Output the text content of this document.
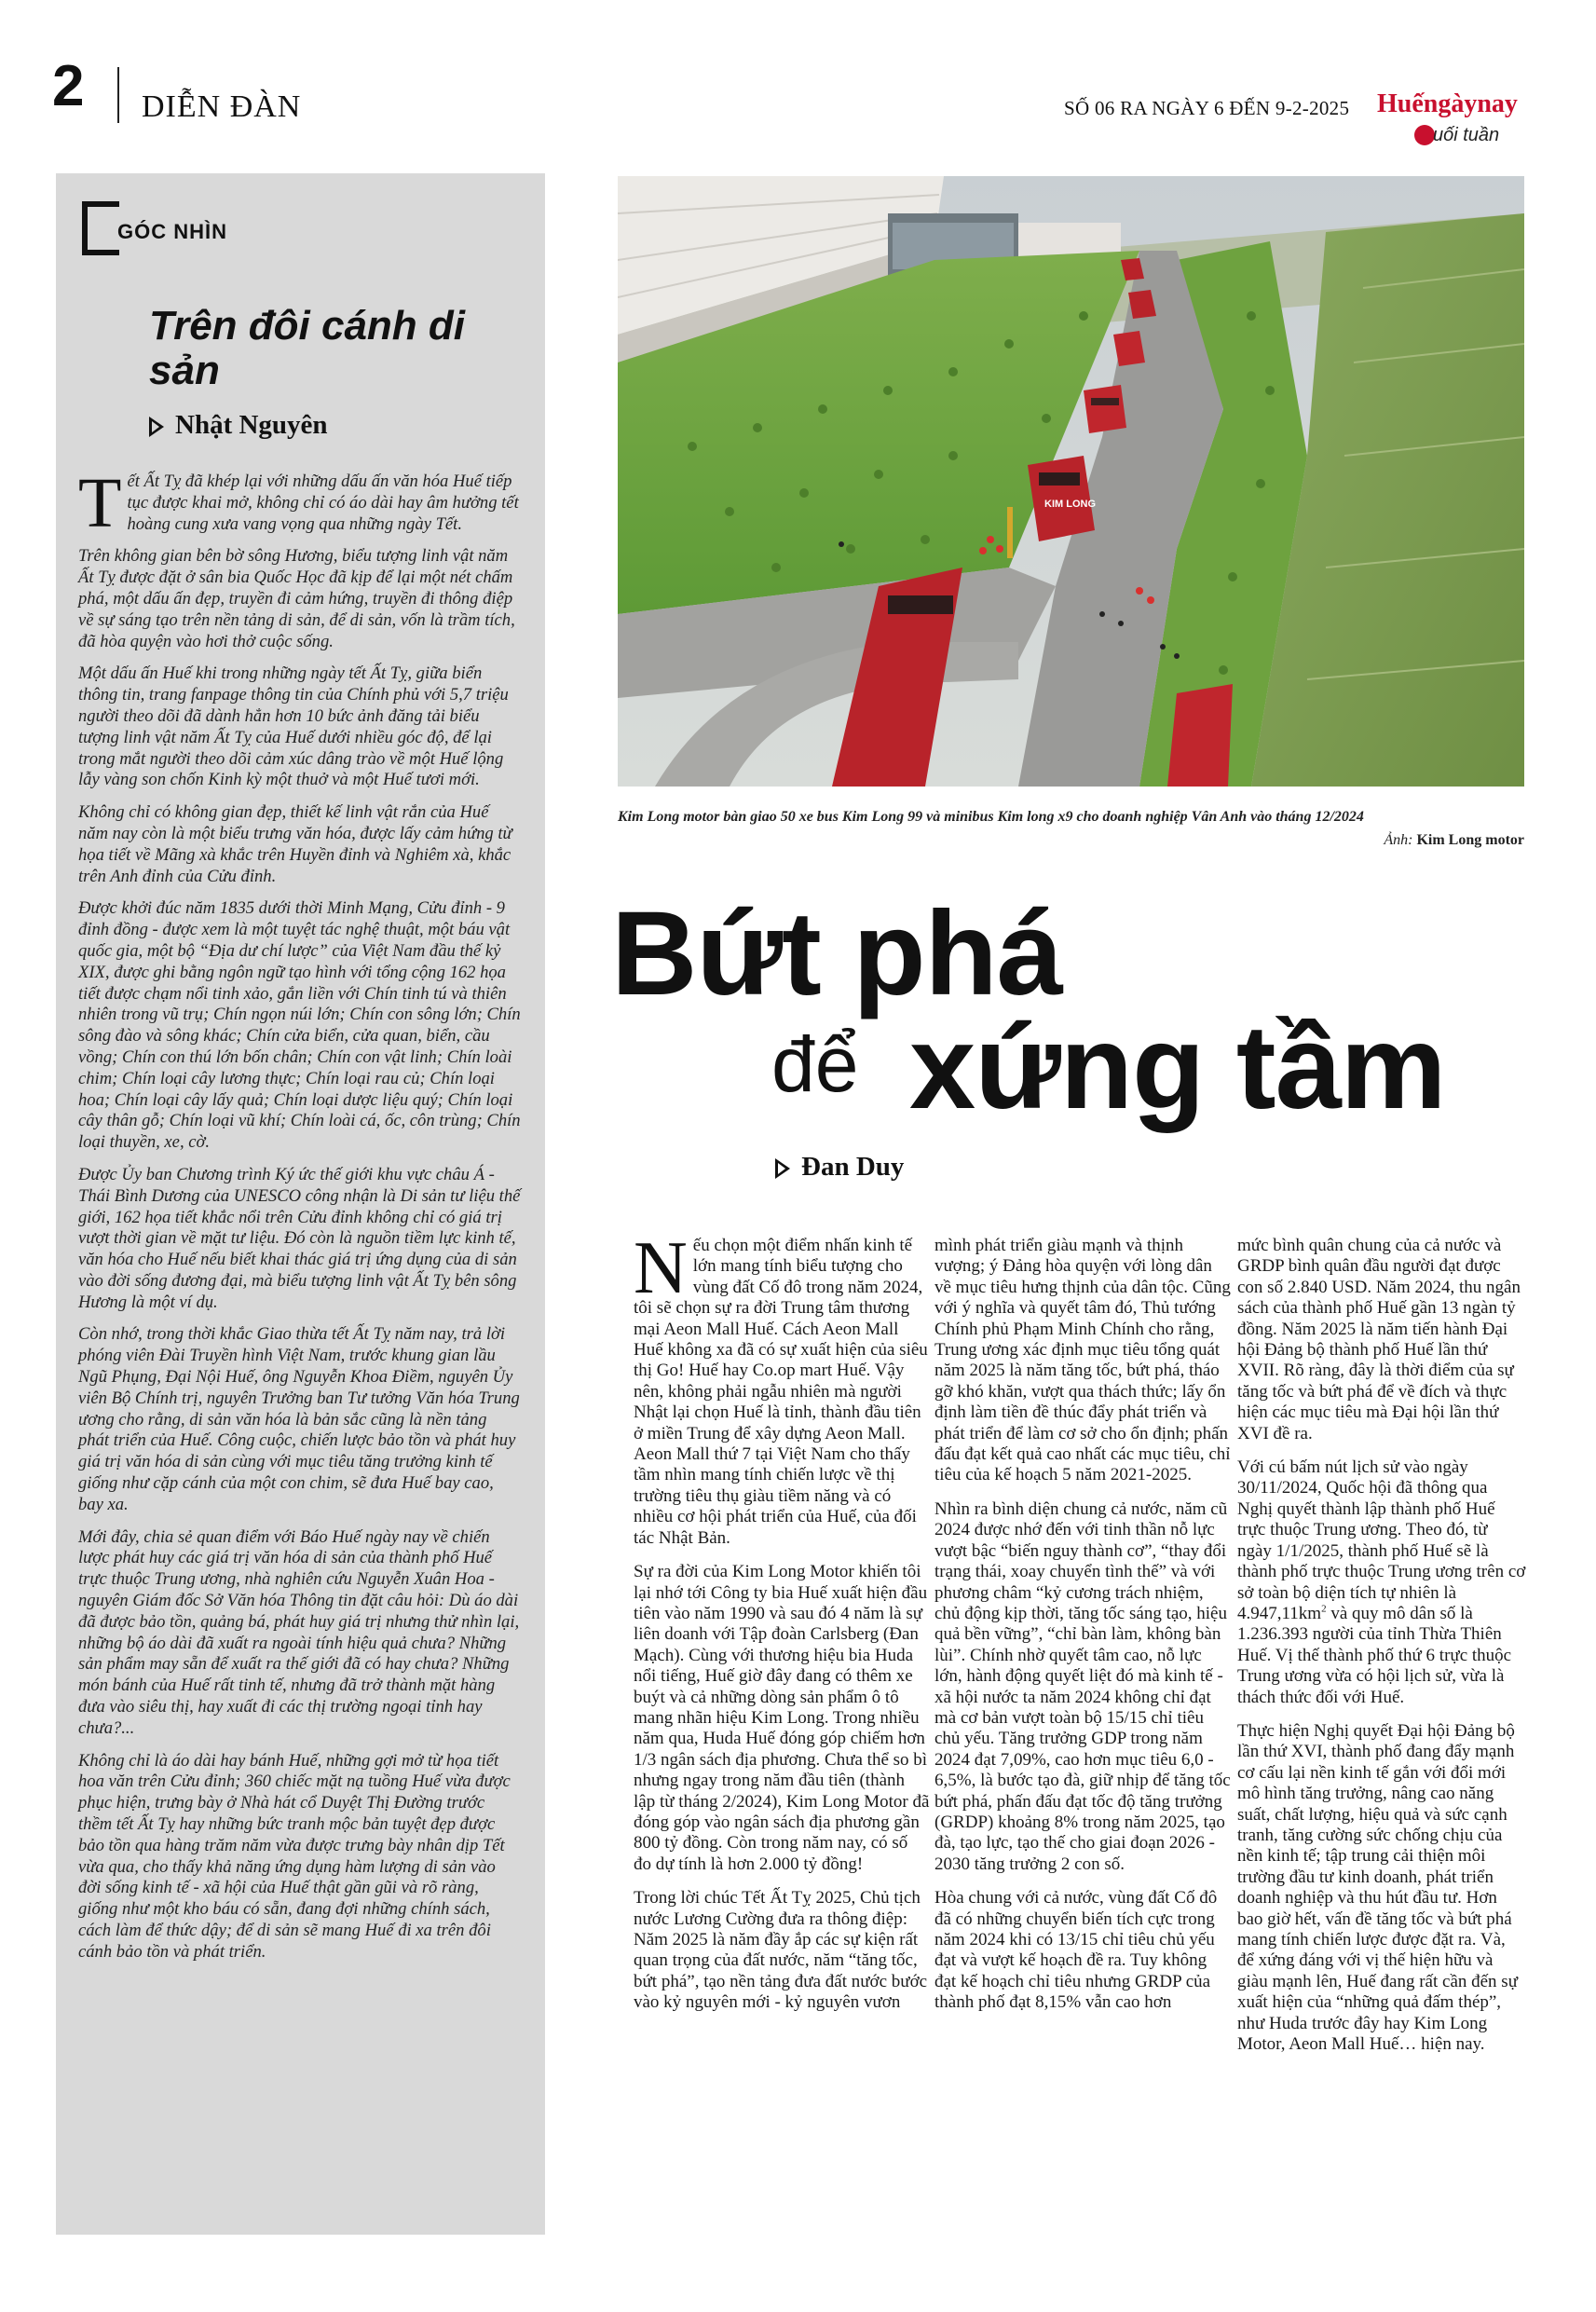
2 DIỄN ĐÀN	SỐ 06 RA NGÀY 6 ĐẾN 9-2-2025 Huếngàynay
uối tuần
GÓC NHÌN
Trên đôi cánh di sản
Nhật Nguyên

Tết Ất Tỵ đã khép lại với những dấu ấn văn hóa Huế tiếp tục được khai mở, không chỉ có áo dài hay âm hưởng tết hoàng cung xưa vang vọng qua những ngày Tết.

Trên không gian bên bờ sông Hương, biểu tượng linh vật năm Ất Tỵ được đặt ở sân bia Quốc Học đã kịp để lại một nét chấm phá, một dấu ấn đẹp, truyền đi cảm hứng, truyền đi thông điệp về sự sáng tạo trên nền tảng di sản, để di sản, vốn là trầm tích, đã hòa quyện vào hơi thở cuộc sống.

Một dấu ấn Huế khi trong những ngày tết Ất Tỵ, giữa biển thông tin, trang fanpage thông tin của Chính phủ với 5,7 triệu người theo dõi đã dành hẳn hơn 10 bức ảnh đăng tải biểu tượng linh vật năm Ất Tỵ của Huế dưới nhiều góc độ, để lại trong mắt người theo dõi cảm xúc dâng trào về một Huế lộng lẫy vàng son chốn Kinh kỳ một thuở và một Huế tươi mới.

Không chỉ có không gian đẹp, thiết kế linh vật rắn của Huế năm nay còn là một biểu trưng văn hóa, được lấy cảm hứng từ họa tiết về Mãng xà khắc trên Huyền đỉnh và Nghiêm xà, khắc trên Anh đỉnh của Cửu đỉnh.

Được khởi đúc năm 1835 dưới thời Minh Mạng, Cửu đỉnh - 9 đỉnh đồng - được xem là một tuyệt tác nghệ thuật, một báu vật quốc gia, một bộ “Địa dư chí lược” của Việt Nam đầu thế kỷ XIX, được ghi bằng ngôn ngữ tạo hình với tổng cộng 162 họa tiết được chạm nổi tinh xảo, gắn liền với Chín tinh tú và thiên nhiên trong vũ trụ; Chín ngọn núi lớn; Chín con sông lớn; Chín sông đào và sông khác; Chín cửa biển, cửa quan, biển, cầu vồng; Chín con thú lớn bốn chân; Chín con vật linh; Chín loài chim; Chín loại cây lương thực; Chín loại rau củ; Chín loại hoa; Chín loại cây lấy quả; Chín loại dược liệu quý; Chín loại cây thân gỗ; Chín loại vũ khí; Chín loài cá, ốc, côn trùng; Chín loại thuyền, xe, cờ.

Được Ủy ban Chương trình Ký ức thế giới khu vực châu Á - Thái Bình Dương của UNESCO công nhận là Di sản tư liệu thế giới, 162 họa tiết khắc nổi trên Cửu đỉnh không chỉ có giá trị vượt thời gian về mặt tư liệu. Đó còn là nguồn tiềm lực kinh tế, văn hóa cho Huế nếu biết khai thác giá trị ứng dụng của di sản vào đời sống đương đại, mà biểu tượng linh vật Ất Tỵ bên sông Hương là một ví dụ.

Còn nhớ, trong thời khắc Giao thừa tết Ất Tỵ năm nay, trả lời phóng viên Đài Truyền hình Việt Nam, trước khung gian lầu Ngũ Phụng, Đại Nội Huế, ông Nguyễn Khoa Điềm, nguyên Ủy viên Bộ Chính trị, nguyên Trưởng ban Tư tưởng Văn hóa Trung ương cho rằng, di sản văn hóa là bản sắc cũng là nền tảng phát triển của Huế. Công cuộc, chiến lược bảo tồn và phát huy giá trị văn hóa di sản cùng với mục tiêu tăng trưởng kinh tế giống như cặp cánh của một con chim, sẽ đưa Huế bay cao, bay xa.

Mới đây, chia sẻ quan điểm với Báo Huế ngày nay về chiến lược phát huy các giá trị văn hóa di sản của thành phố Huế trực thuộc Trung ương, nhà nghiên cứu Nguyễn Xuân Hoa - nguyên Giám đốc Sở Văn hóa Thông tin đặt câu hỏi: Dù áo dài đã được bảo tồn, quảng bá, phát huy giá trị nhưng thử nhìn lại, những bộ áo dài đã xuất ra ngoài tính hiệu quả chưa? Những sản phẩm may sẵn để xuất ra thế giới đã có hay chưa? Những món bánh của Huế rất tinh tế, nhưng đã trở thành mặt hàng đưa vào siêu thị, hay xuất đi các thị trường ngoại tỉnh hay chưa?...

Không chỉ là áo dài hay bánh Huế, những gợi mở từ họa tiết hoa văn trên Cửu đỉnh; 360 chiếc mặt nạ tuồng Huế vừa được phục hiện, trưng bày ở Nhà hát cổ Duyệt Thị Đường trước thềm tết Ất Tỵ hay những bức tranh mộc bản tuyệt đẹp được bảo tồn qua hàng trăm năm vừa được trưng bày nhân dịp Tết vừa qua, cho thấy khả năng ứng dụng hàm lượng di sản vào đời sống kinh tế - xã hội của Huế thật gần gũi và rõ ràng, giống như một kho báu có sẵn, đang đợi những chính sách, cách làm để thức dậy; để di sản sẽ mang Huế đi xa trên đôi cánh bảo tồn và phát triển.

KIM LONG
Kim Long motor bàn giao 50 xe bus Kim Long 99 và minibus Kim long x9 cho doanh nghiệp Vân Anh vào tháng 12/2024
Ảnh: Kim Long motor
Bứt phá
để xứng tầm
Đan Duy

Nếu chọn một điểm nhấn kinh tế lớn mang tính biểu tượng cho vùng đất Cố đô trong năm 2024, tôi sẽ chọn sự ra đời Trung tâm thương mại Aeon Mall Huế. Cách Aeon Mall Huế không xa đã có sự xuất hiện của siêu thị Go! Huế hay Co.op mart Huế. Vậy nên, không phải ngẫu nhiên mà người Nhật lại chọn Huế là tỉnh, thành đầu tiên ở miền Trung để xây dựng Aeon Mall. Aeon Mall thứ 7 tại Việt Nam cho thấy tầm nhìn mang tính chiến lược về thị trường tiêu thụ giàu tiềm năng và có nhiều cơ hội phát triển của Huế, của đối tác Nhật Bản.

Sự ra đời của Kim Long Motor khiến tôi lại nhớ tới Công ty bia Huế xuất hiện đầu tiên vào năm 1990 và sau đó 4 năm là sự liên doanh với Tập đoàn Carlsberg (Đan Mạch). Cùng với thương hiệu bia Huda nổi tiếng, Huế giờ đây đang có thêm xe buýt và cả những dòng sản phẩm ô tô mang nhãn hiệu Kim Long. Trong nhiều năm qua, Huda Huế đóng góp chiếm hơn 1/3 ngân sách địa phương. Chưa thể so bì nhưng ngay trong năm đầu tiên (thành lập từ tháng 2/2024), Kim Long Motor đã đóng góp vào ngân sách địa phương gần 800 tỷ đồng. Còn trong năm nay, có số đo dự tính là hơn 2.000 tỷ đồng!

Trong lời chúc Tết Ất Tỵ 2025, Chủ tịch nước Lương Cường đưa ra thông điệp: Năm 2025 là năm đầy ắp các sự kiện rất quan trọng của đất nước, năm “tăng tốc, bứt phá”, tạo nền tảng đưa đất nước bước vào kỷ nguyên mới - kỷ nguyên vươn

mình phát triển giàu mạnh và thịnh vượng; ý Đảng hòa quyện với lòng dân về mục tiêu hưng thịnh của dân tộc. Cũng với ý nghĩa và quyết tâm đó, Thủ tướng Chính phủ Phạm Minh Chính cho rằng, Trung ương xác định mục tiêu tổng quát năm 2025 là năm tăng tốc, bứt phá, tháo gỡ khó khăn, vượt qua thách thức; lấy ổn định làm tiền đề thúc đẩy phát triển và phát triển để làm cơ sở cho ổn định; phấn đấu đạt kết quả cao nhất các mục tiêu, chỉ tiêu của kế hoạch 5 năm 2021-2025.

Nhìn ra bình diện chung cả nước, năm cũ 2024 được nhớ đến với tinh thần nỗ lực vượt bậc “biến nguy thành cơ”, “thay đổi trạng thái, xoay chuyển tình thế” và với phương châm “kỷ cương trách nhiệm, chủ động kịp thời, tăng tốc sáng tạo, hiệu quả bền vững”, “chỉ bàn làm, không bàn lùi”. Chính nhờ quyết tâm cao, nỗ lực lớn, hành động quyết liệt đó mà kinh tế - xã hội nước ta năm 2024 không chỉ đạt mà cơ bản vượt toàn bộ 15/15 chỉ tiêu chủ yếu. Tăng trưởng GDP trong năm 2024 đạt 7,09%, cao hơn mục tiêu 6,0 - 6,5%, là bước tạo đà, giữ nhịp để tăng tốc bứt phá, phấn đấu đạt tốc độ tăng trưởng (GRDP) khoảng 8% trong năm 2025, tạo đà, tạo lực, tạo thế cho giai đoạn 2026 - 2030 tăng trưởng 2 con số.

Hòa chung với cả nước, vùng đất Cố đô đã có những chuyển biến tích cực trong năm 2024 khi có 13/15 chỉ tiêu chủ yếu đạt và vượt kế hoạch đề ra. Tuy không đạt kế hoạch chỉ tiêu nhưng GRDP của thành phố đạt 8,15% vẫn cao hơn

mức bình quân chung của cả nước và GRDP bình quân đầu người đạt được con số 2.840 USD. Năm 2024, thu ngân sách của thành phố Huế gần 13 ngàn tỷ đồng. Năm 2025 là năm tiến hành Đại hội Đảng bộ thành phố Huế lần thứ XVII. Rõ ràng, đây là thời điểm của sự tăng tốc và bứt phá để về đích và thực hiện các mục tiêu mà Đại hội lần thứ XVI đề ra.

Với cú bấm nút lịch sử vào ngày 30/11/2024, Quốc hội đã thông qua Nghị quyết thành lập thành phố Huế trực thuộc Trung ương. Theo đó, từ ngày 1/1/2025, thành phố Huế sẽ là thành phố trực thuộc Trung ương trên cơ sở toàn bộ diện tích tự nhiên là $4.947,11km^2$ và quy mô dân số là 1.236.393 người của tỉnh Thừa Thiên Huế. Vị thế thành phố thứ 6 trực thuộc Trung ương vừa có hội lịch sử, vừa là thách thức đối với Huế.

Thực hiện Nghị quyết Đại hội Đảng bộ lần thứ XVI, thành phố đang đẩy mạnh cơ cấu lại nền kinh tế gắn với đổi mới mô hình tăng trưởng, nâng cao năng suất, chất lượng, hiệu quả và sức cạnh tranh, tăng cường sức chống chịu của nền kinh tế; tập trung cải thiện môi trường đầu tư kinh doanh, phát triển doanh nghiệp và thu hút đầu tư. Hơn bao giờ hết, vấn đề tăng tốc và bứt phá mang tính chiến lược được đặt ra. Và, để xứng đáng với vị thế hiện hữu và giàu mạnh lên, Huế đang rất cần đến sự xuất hiện của “những quả đấm thép”, như Huda trước đây hay Kim Long Motor, Aeon Mall Huế… hiện nay.
